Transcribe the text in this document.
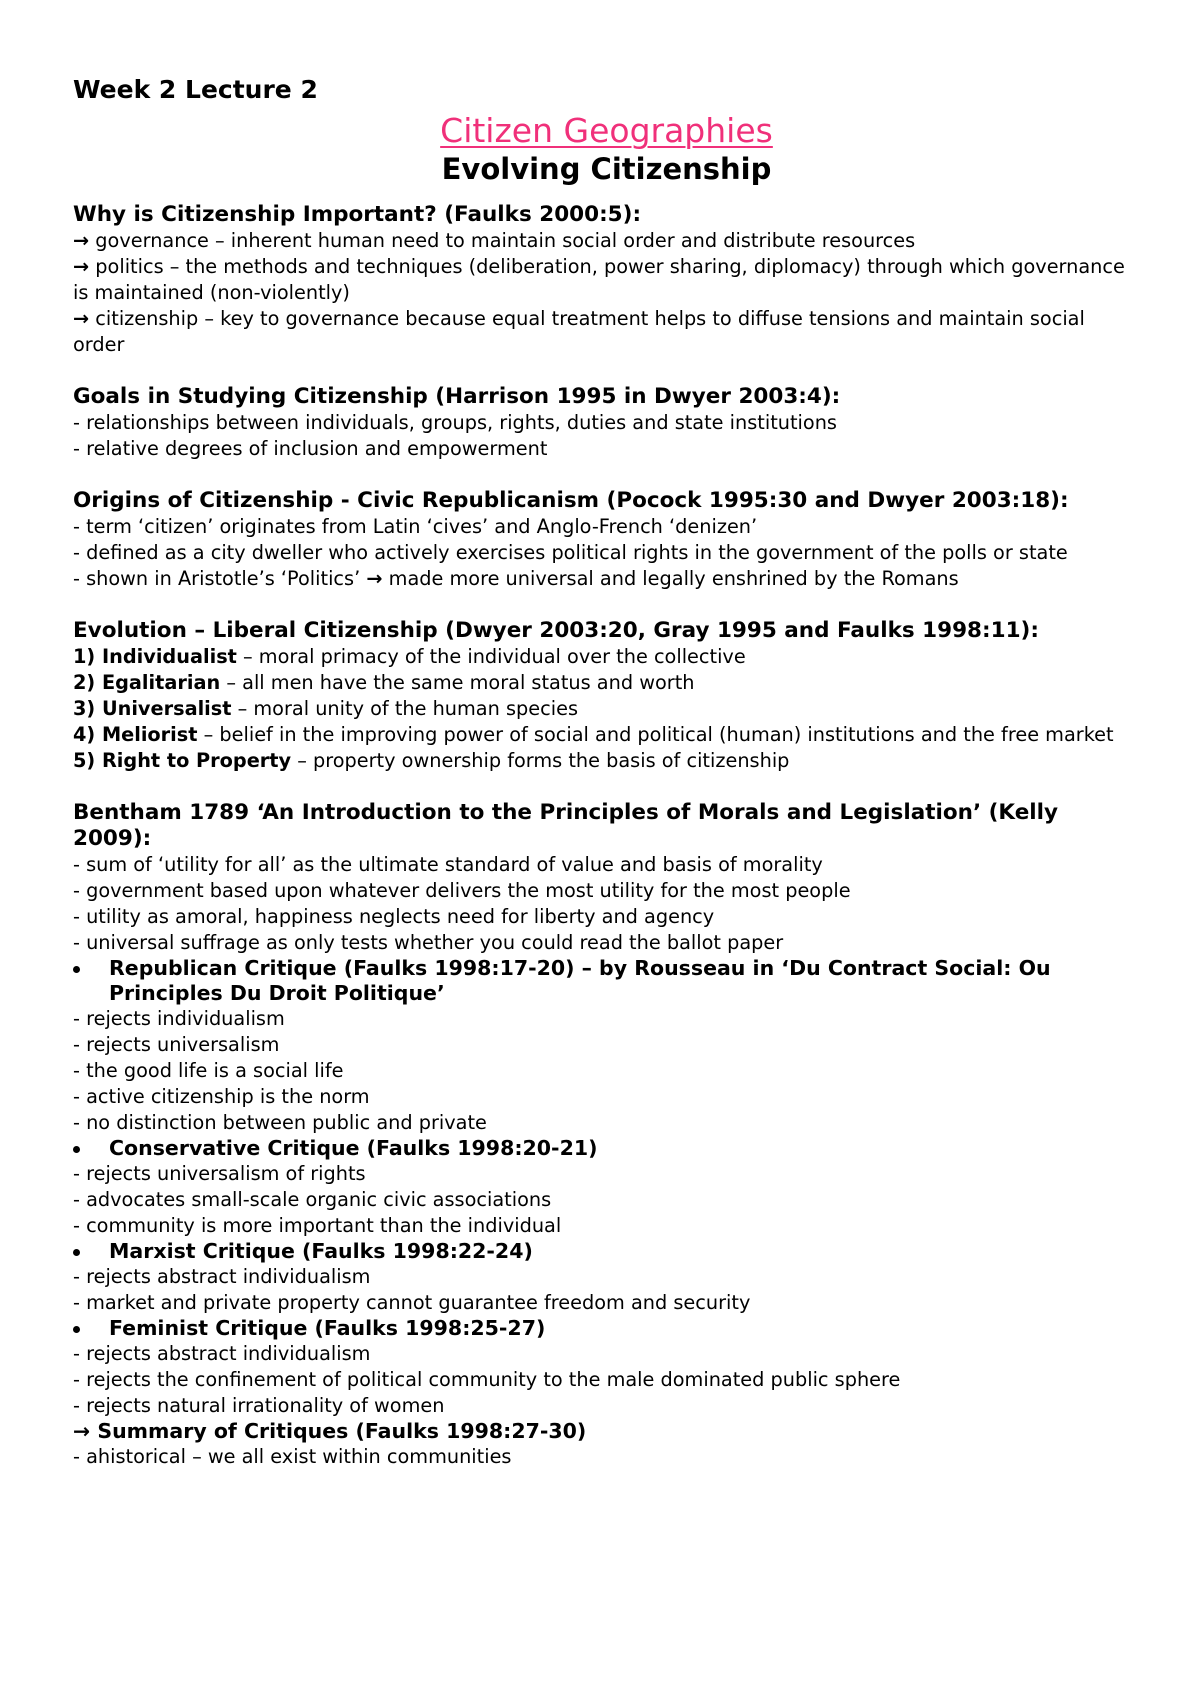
Week 2 Lecture 2
Citizen Geographies
Evolving Citizenship
Why is Citizenship Important? (Faulks 2000:5):
→ governance – inherent human need to maintain social order and distribute resources
→ politics – the methods and techniques (deliberation, power sharing, diplomacy) through which governance is maintained (non-violently)
→ citizenship – key to governance because equal treatment helps to diffuse tensions and maintain social order
Goals in Studying Citizenship (Harrison 1995 in Dwyer 2003:4):
- relationships between individuals, groups, rights, duties and state institutions
- relative degrees of inclusion and empowerment
Origins of Citizenship - Civic Republicanism (Pocock 1995:30 and Dwyer 2003:18):
- term ‘citizen’ originates from Latin ‘cives’ and Anglo-French ‘denizen’
- defined as a city dweller who actively exercises political rights in the government of the polls or state
- shown in Aristotle’s ‘Politics’ → made more universal and legally enshrined by the Romans
Evolution – Liberal Citizenship (Dwyer 2003:20, Gray 1995 and Faulks 1998:11):
1) Individualist – moral primacy of the individual over the collective
2) Egalitarian – all men have the same moral status and worth
3) Universalist – moral unity of the human species
4) Meliorist – belief in the improving power of social and political (human) institutions and the free market
5) Right to Property – property ownership forms the basis of citizenship
Bentham 1789 ‘An Introduction to the Principles of Morals and Legislation’ (Kelly 2009):
- sum of ‘utility for all’ as the ultimate standard of value and basis of morality
- government based upon whatever delivers the most utility for the most people
- utility as amoral, happiness neglects need for liberty and agency
- universal suffrage as only tests whether you could read the ballot paper
Republican Critique (Faulks 1998:17-20) – by Rousseau in ‘Du Contract Social: Ou Principles Du Droit Politique’
- rejects individualism
- rejects universalism
- the good life is a social life
- active citizenship is the norm
- no distinction between public and private
Conservative Critique (Faulks 1998:20-21)
- rejects universalism of rights
- advocates small-scale organic civic associations
- community is more important than the individual
Marxist Critique (Faulks 1998:22-24)
- rejects abstract individualism
- market and private property cannot guarantee freedom and security
Feminist Critique (Faulks 1998:25-27)
- rejects abstract individualism
- rejects the confinement of political community to the male dominated public sphere
- rejects natural irrationality of women
→ Summary of Critiques (Faulks 1998:27-30)
- ahistorical – we all exist within communities
